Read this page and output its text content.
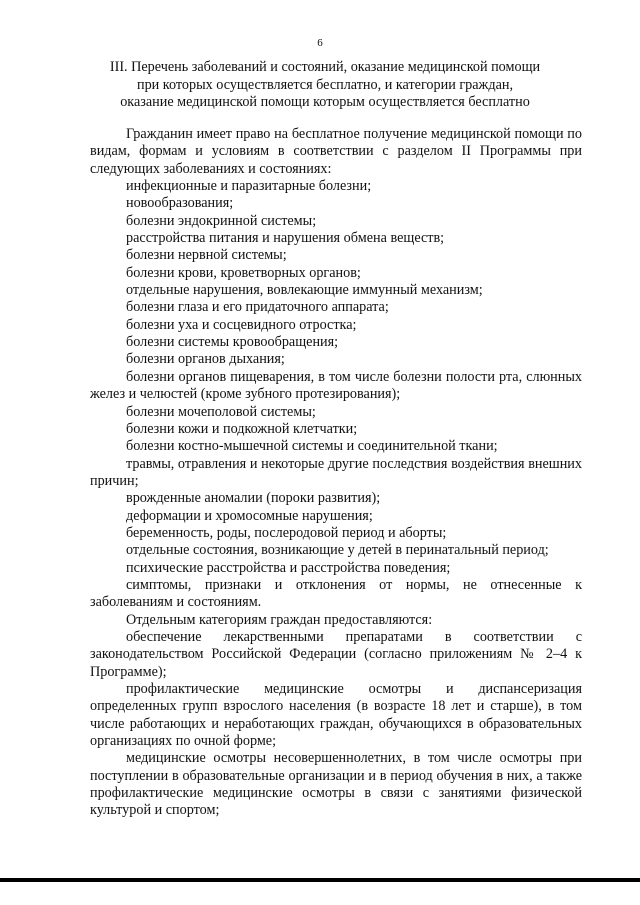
6
III. Перечень заболеваний и состояний, оказание медицинской помощи
при которых осуществляется бесплатно, и категории граждан,
оказание медицинской помощи которым осуществляется бесплатно

Гражданин имеет право на бесплатное получение медицинской помощи по видам, формам и условиям в соответствии с разделом II Программы при следующих заболеваниях и состояниях:

инфекционные и паразитарные болезни;

новообразования;

болезни эндокринной системы;

расстройства питания и нарушения обмена веществ;

болезни нервной системы;

болезни крови, кроветворных органов;

отдельные нарушения, вовлекающие иммунный механизм;

болезни глаза и его придаточного аппарата;

болезни уха и сосцевидного отростка;

болезни системы кровообращения;

болезни органов дыхания;

болезни органов пищеварения, в том числе болезни полости рта, слюнных желез и челюстей (кроме зубного протезирования);

болезни мочеполовой системы;

болезни кожи и подкожной клетчатки;

болезни костно-мышечной системы и соединительной ткани;

травмы, отравления и некоторые другие последствия воздействия внешних причин;

врожденные аномалии (пороки развития);

деформации и хромосомные нарушения;

беременность, роды, послеродовой период и аборты;

отдельные состояния, возникающие у детей в перинатальный период;

психические расстройства и расстройства поведения;

симптомы, признаки и отклонения от нормы, не отнесенные к заболеваниям и состояниям.

Отдельным категориям граждан предоставляются:

обеспечение лекарственными препаратами в соответствии с законодательством Российской Федерации (согласно приложениям № 2–4 к Программе);

профилактические медицинские осмотры и диспансеризация определенных групп взрослого населения (в возрасте 18 лет и старше), в том числе работающих и неработающих граждан, обучающихся в образовательных организациях по очной форме;

медицинские осмотры несовершеннолетних, в том числе осмотры при поступлении в образовательные организации и в период обучения в них, а также профилактические медицинские осмотры в связи с занятиями физической культурой и спортом;
